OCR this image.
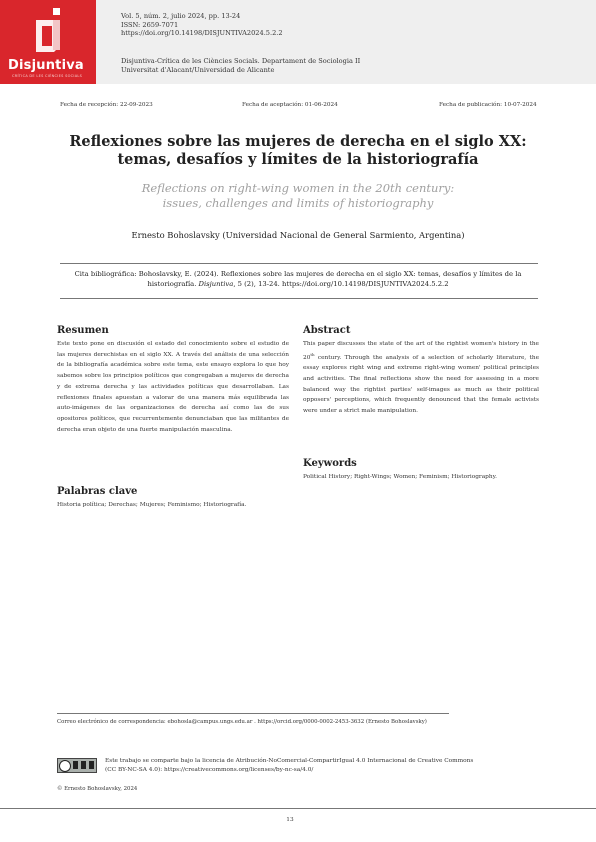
Disjuntiva
CRÍTICA DE LES CIÈNCIES SOCIALS
Vol. 5, núm. 2, julio 2024, pp. 13-24
ISSN: 2659-7071
https://doi.org/10.14198/DISJUNTIVA2024.5.2.2
Disjuntiva-Crítica de les Ciències Socials. Departament de Sociologia II
Universitat d'Alacant/Universidad de Alicante
Fecha de recepción: 22-09-2023	Fecha de aceptación: 01-06-2024	Fecha de publicación: 10-07-2024
Reflexiones sobre las mujeres de derecha en el siglo XX:
temas, desafíos y límites de la historiografía
Reflections on right-wing women in the 20th century:
issues, challenges and limits of historiography
Ernesto Bohoslavsky (Universidad Nacional de General Sarmiento, Argentina)
Cita bibliográfica: Bohoslavsky, E. (2024). Reflexiones sobre las mujeres de derecha en el siglo XX: temas, desafíos y límites de la historiografía. Disjuntiva, 5 (2), 13-24. https://doi.org/10.14198/DISJUNTIVA2024.5.2.2
Resumen
Este texto pone en discusión el estado del conocimiento sobre el estudio de las mujeres derechistas en el siglo XX. A través del análisis de una selección de la bibliografía académica sobre este tema, este ensayo explora lo que hoy sabemos sobre los principios políticos que congregaban a mujeres de derecha y de extrema derecha y las actividades políticas que desarrollaban. Las reflexiones finales apuestan a valorar de una manera más equilibrada las auto-imágenes de las organizaciones de derecha así como las de sus opositores políticos, que recurrentemente denunciaban que las militantes de derecha eran objeto de una fuerte manipulación masculina.
Palabras clave
Historia política; Derechas; Mujeres; Feminismo; Historiografía.
Abstract
This paper discusses the state of the art of the rightist women's history in the 20th century. Through the analysis of a selection of scholarly literature, the essay explores right wing and extreme right-wing women' political principles and activities. The final reflections show the need for assessing in a more balanced way the rightist parties' self-images as much as their political opposers' perceptions, which frequently denounced that the female activists were under a strict male manipulation.
Keywords
Political History; Right-Wings; Women; Feminism; Historiography.
Correo electrónico de correspondencia: ebohosla@campus.ungs.edu.ar . https://orcid.org/0000-0002-2453-3632 (Ernesto Bohoslavsky)
Este trabajo se comparte bajo la licencia de Atribución-NoComercial-CompartirIgual 4.0 Internacional de Creative Commons
(CC BY-NC-SA 4.0): https://creativecommons.org/licenses/by-nc-sa/4.0/
© Ernesto Bohoslavsky, 2024
13
